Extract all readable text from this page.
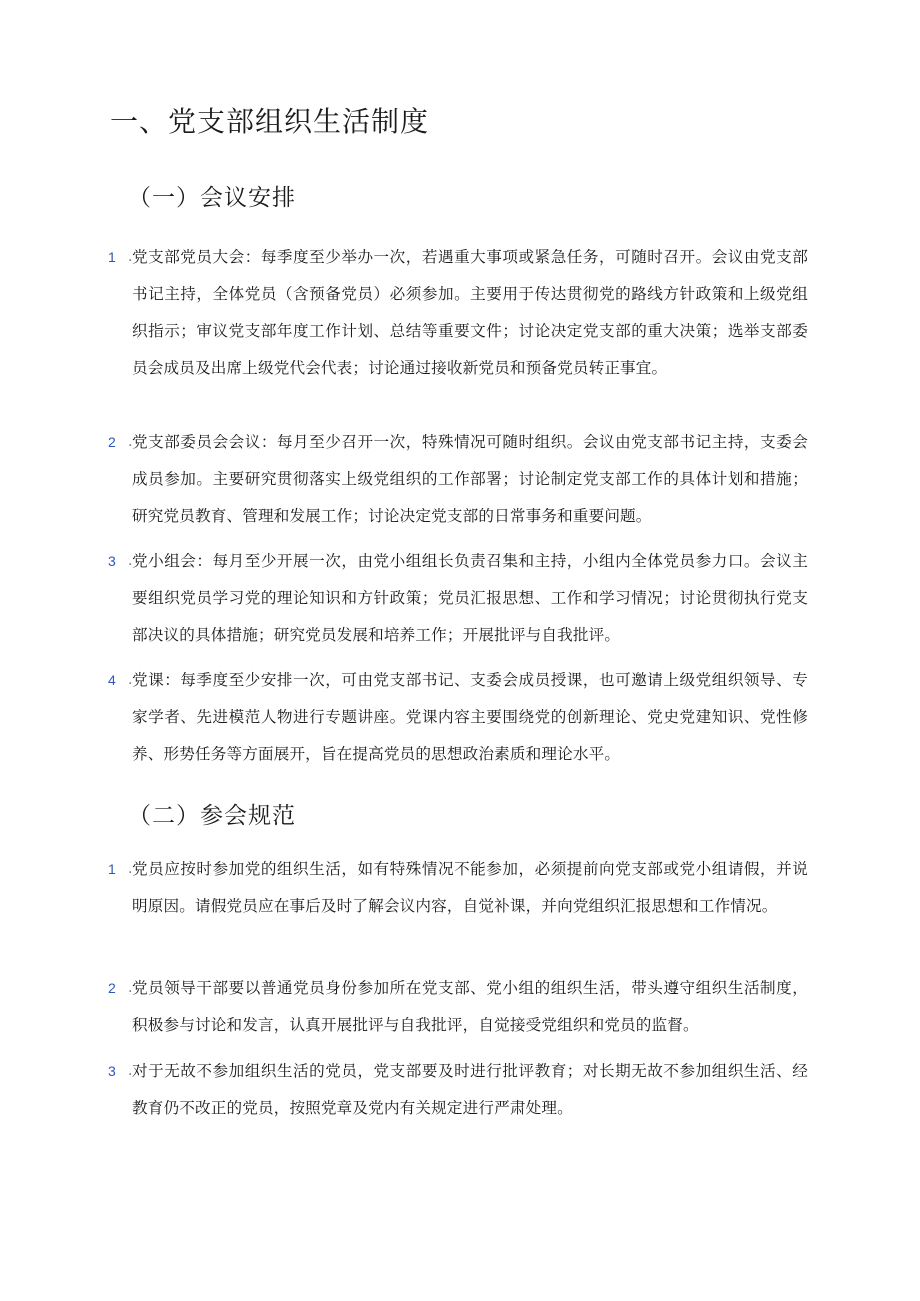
一、党支部组织生活制度
（一）会议安排
1 . 党支部党员大会：每季度至少举办一次，若遇重大事项或紧急任务，可随时召开。会议由党支部书记主持，全体党员（含预备党员）必须参加。主要用于传达贯彻党的路线方针政策和上级党组织指示；审议党支部年度工作计划、总结等重要文件；讨论决定党支部的重大决策；选举支部委员会成员及出席上级党代会代表；讨论通过接收新党员和预备党员转正事宜。
2 . 党支部委员会会议：每月至少召开一次，特殊情况可随时组织。会议由党支部书记主持，支委会成员参加。主要研究贯彻落实上级党组织的工作部署；讨论制定党支部工作的具体计划和措施；研究党员教育、管理和发展工作；讨论决定党支部的日常事务和重要问题。
3 . 党小组会：每月至少开展一次，由党小组组长负责召集和主持，小组内全体党员参力口。会议主要组织党员学习党的理论知识和方针政策；党员汇报思想、工作和学习情况；讨论贯彻执行党支部决议的具体措施；研究党员发展和培养工作；开展批评与自我批评。
4 . 党课：每季度至少安排一次，可由党支部书记、支委会成员授课，也可邀请上级党组织领导、专家学者、先进模范人物进行专题讲座。党课内容主要围绕党的创新理论、党史党建知识、党性修养、形势任务等方面展开，旨在提高党员的思想政治素质和理论水平。
（二）参会规范
1 . 党员应按时参加党的组织生活，如有特殊情况不能参加，必须提前向党支部或党小组请假，并说明原因。请假党员应在事后及时了解会议内容，自觉补课，并向党组织汇报思想和工作情况。
2 . 党员领导干部要以普通党员身份参加所在党支部、党小组的组织生活，带头遵守组织生活制度，积极参与讨论和发言，认真开展批评与自我批评，自觉接受党组织和党员的监督。
3 . 对于无故不参加组织生活的党员，党支部要及时进行批评教育；对长期无故不参加组织生活、经教育仍不改正的党员，按照党章及党内有关规定进行严肃处理。
